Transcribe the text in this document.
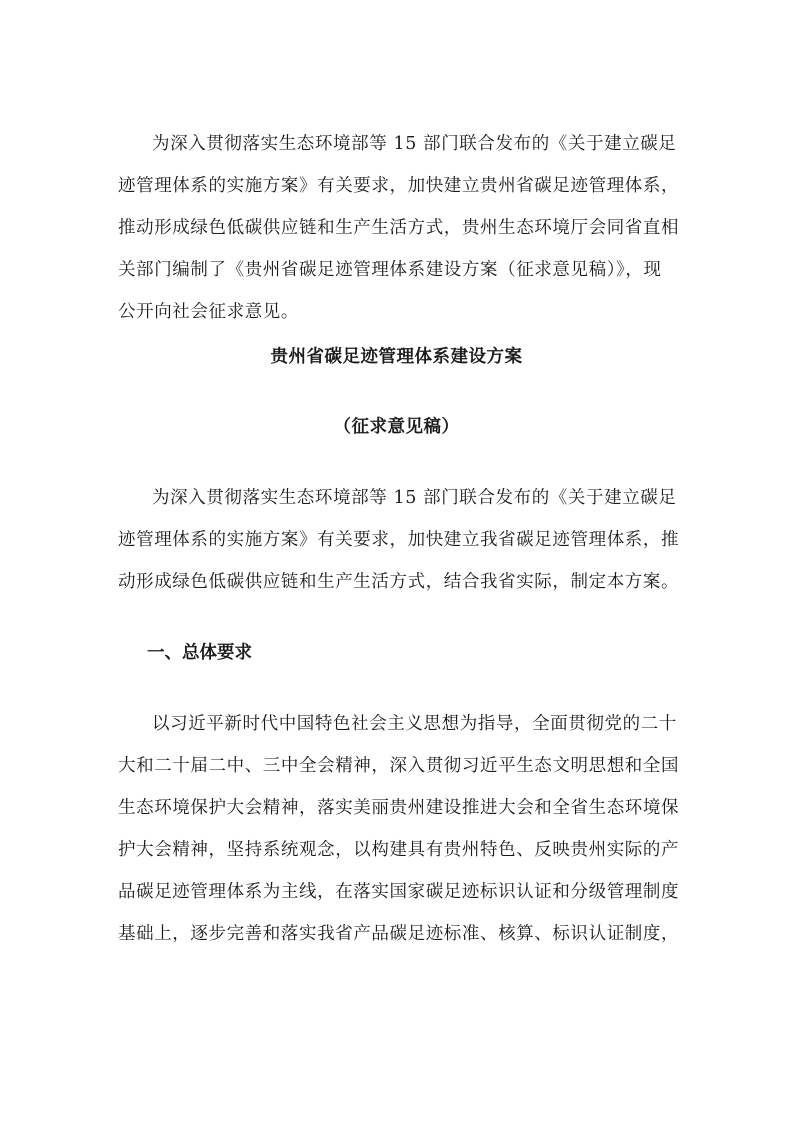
为深入贯彻落实生态环境部等 15 部门联合发布的《关于建立碳足
迹管理体系的实施方案》有关要求，加快建立贵州省碳足迹管理体系，
推动形成绿色低碳供应链和生产生活方式，贵州生态环境厅会同省直相
关部门编制了《贵州省碳足迹管理体系建设方案（征求意见稿）》，现
公开向社会征求意见。
贵州省碳足迹管理体系建设方案
（征求意见稿）
为深入贯彻落实生态环境部等 15 部门联合发布的《关于建立碳足
迹管理体系的实施方案》有关要求，加快建立我省碳足迹管理体系，推
动形成绿色低碳供应链和生产生活方式，结合我省实际，制定本方案。
一、总体要求
以习近平新时代中国特色社会主义思想为指导，全面贯彻党的二十
大和二十届二中、三中全会精神，深入贯彻习近平生态文明思想和全国
生态环境保护大会精神，落实美丽贵州建设推进大会和全省生态环境保
护大会精神，坚持系统观念，以构建具有贵州特色、反映贵州实际的产
品碳足迹管理体系为主线，在落实国家碳足迹标识认证和分级管理制度
基础上，逐步完善和落实我省产品碳足迹标准、核算、标识认证制度，
